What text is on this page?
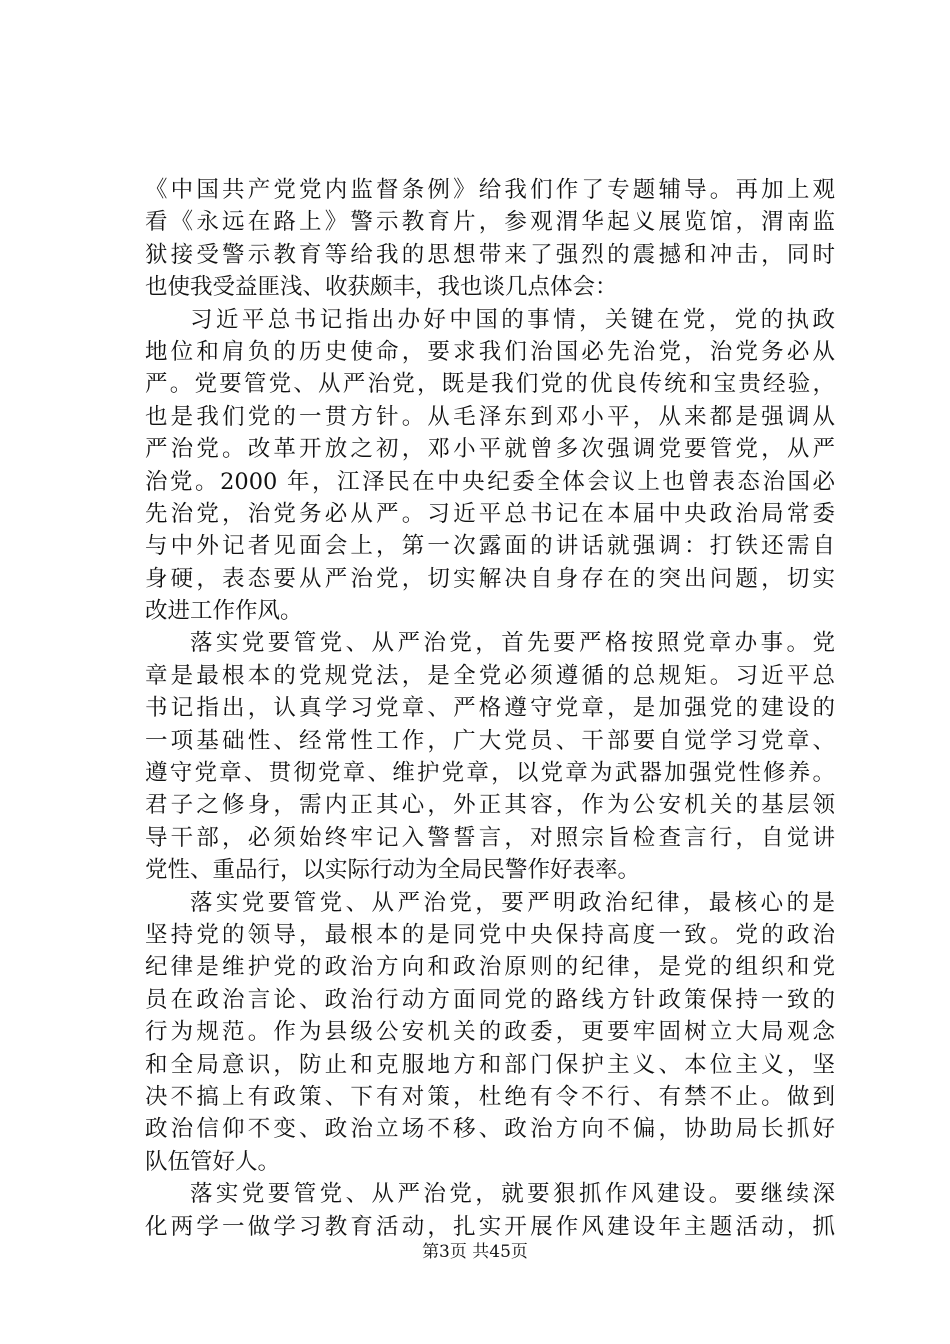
《中国共产党党内监督条例》给我们作了专题辅导。再加上观
看《永远在路上》警示教育片，参观渭华起义展览馆，渭南监
狱接受警示教育等给我的思想带来了强烈的震撼和冲击，同时
也使我受益匪浅、收获颇丰，我也谈几点体会：
习近平总书记指出办好中国的事情，关键在党，党的执政
地位和肩负的历史使命，要求我们治国必先治党，治党务必从
严。党要管党、从严治党，既是我们党的优良传统和宝贵经验，
也是我们党的一贯方针。从毛泽东到邓小平，从来都是强调从
严治党。改革开放之初，邓小平就曾多次强调党要管党，从严
治党。2000 年，江泽民在中央纪委全体会议上也曾表态治国必
先治党，治党务必从严。习近平总书记在本届中央政治局常委
与中外记者见面会上，第一次露面的讲话就强调：打铁还需自
身硬，表态要从严治党，切实解决自身存在的突出问题，切实
改进工作作风。
落实党要管党、从严治党，首先要严格按照党章办事。党
章是最根本的党规党法，是全党必须遵循的总规矩。习近平总
书记指出，认真学习党章、严格遵守党章，是加强党的建设的
一项基础性、经常性工作，广大党员、干部要自觉学习党章、
遵守党章、贯彻党章、维护党章，以党章为武器加强党性修养。
君子之修身，需内正其心，外正其容，作为公安机关的基层领
导干部，必须始终牢记入警誓言，对照宗旨检查言行，自觉讲
党性、重品行，以实际行动为全局民警作好表率。
落实党要管党、从严治党，要严明政治纪律，最核心的是
坚持党的领导，最根本的是同党中央保持高度一致。党的政治
纪律是维护党的政治方向和政治原则的纪律，是党的组织和党
员在政治言论、政治行动方面同党的路线方针政策保持一致的
行为规范。作为县级公安机关的政委，更要牢固树立大局观念
和全局意识，防止和克服地方和部门保护主义、本位主义，坚
决不搞上有政策、下有对策，杜绝有令不行、有禁不止。做到
政治信仰不变、政治立场不移、政治方向不偏，协助局长抓好
队伍管好人。
落实党要管党、从严治党，就要狠抓作风建设。要继续深
化两学一做学习教育活动，扎实开展作风建设年主题活动，抓
第3页 共45页
